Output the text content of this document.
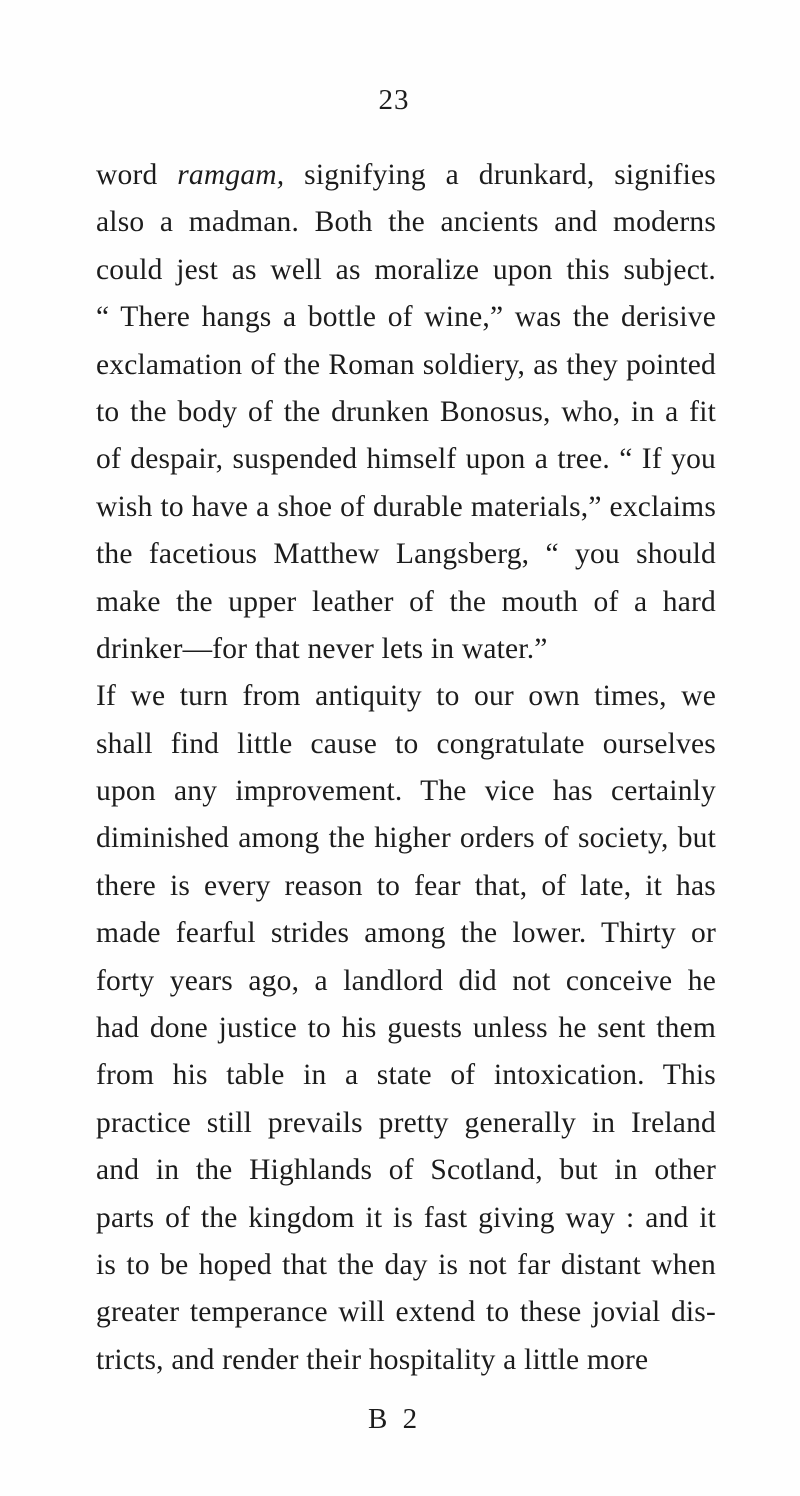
23
word ramgam, signifying a drunkard, signifies
also a madman. Both the ancients and moderns
could jest as well as moralize upon this subject.
“ There hangs a bottle of wine,” was the derisive
exclamation of the Roman soldiery, as they pointed
to the body of the drunken Bonosus, who, in a fit
of despair, suspended himself upon a tree. “ If you
wish to have a shoe of durable materials,” exclaims
the facetious Matthew Langsberg, “ you should
make the upper leather of the mouth of a hard
drinker—for that never lets in water.”
If we turn from antiquity to our own times, we
shall find little cause to congratulate ourselves
upon any improvement. The vice has certainly
diminished among the higher orders of society, but
there is every reason to fear that, of late, it has
made fearful strides among the lower. Thirty or
forty years ago, a landlord did not conceive he
had done justice to his guests unless he sent them
from his table in a state of intoxication. This
practice still prevails pretty generally in Ireland
and in the Highlands of Scotland, but in other
parts of the kingdom it is fast giving way : and it
is to be hoped that the day is not far distant when
greater temperance will extend to these jovial dis-
tricts, and render their hospitality a little more
B 2
